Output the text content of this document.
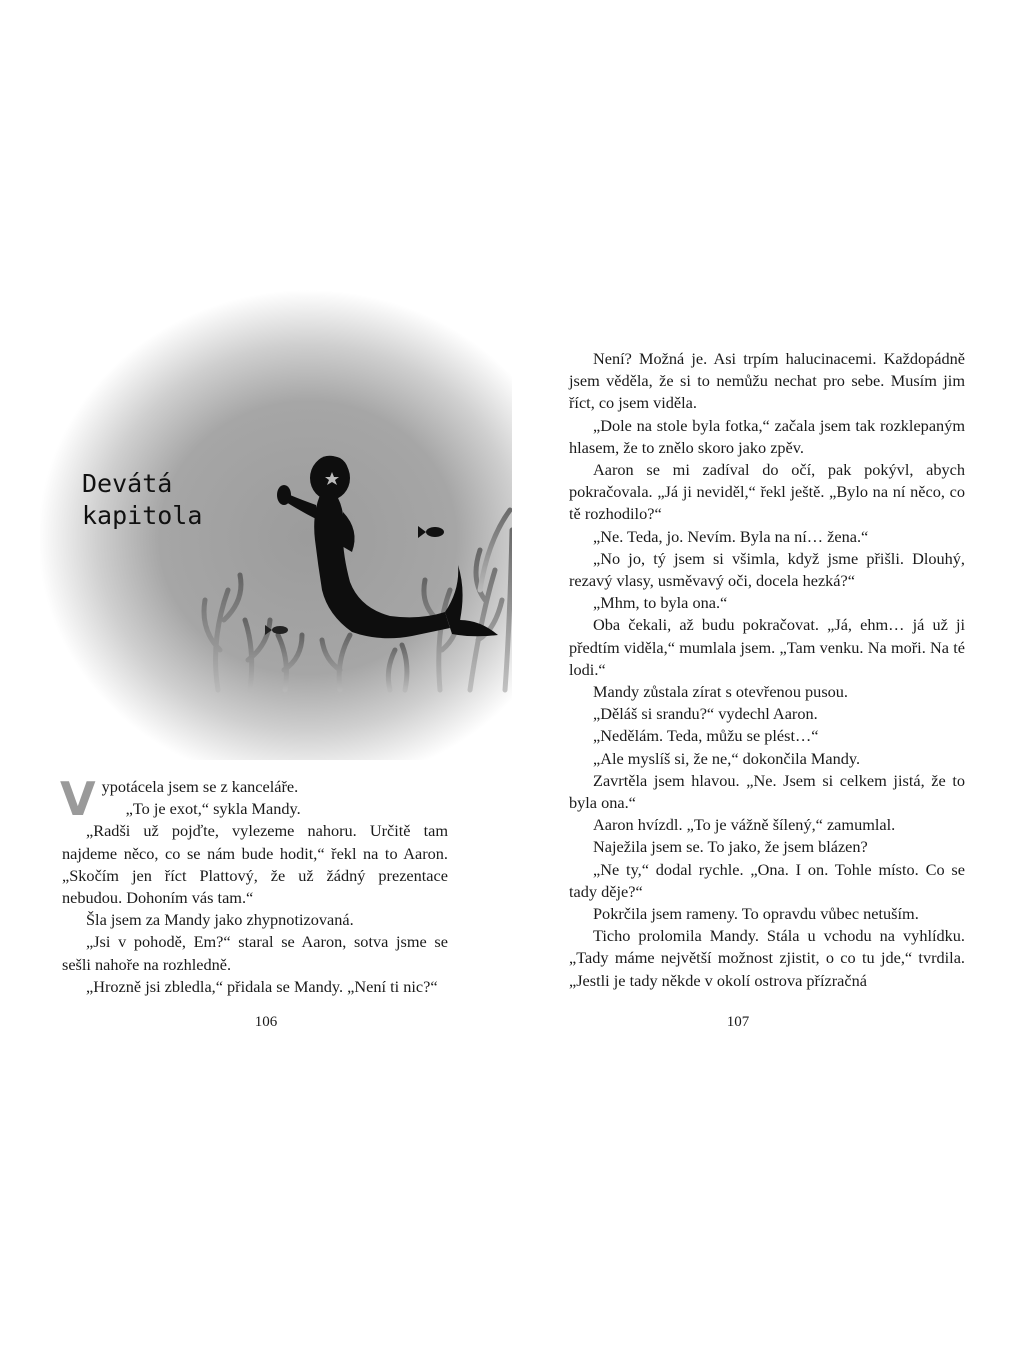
Devátá
kapitola

Vypotácela jsem se z kanceláře.

„To je exot,“ sykla Mandy.

„Radši už pojďte, vylezeme nahoru. Určitě tam najdeme něco, co se nám bude hodit,“ řekl na to Aaron. „Skočím jen říct Plattový, že už žádný prezentace nebudou. Dohoním vás tam.“

Šla jsem za Mandy jako zhypnotizovaná.

„Jsi v pohodě, Em?“ staral se Aaron, sotva jsme se sešli nahoře na rozhledně.

„Hrozně jsi zbledla,“ přidala se Mandy. „Není ti nic?“

106

Není? Možná je. Asi trpím halucinacemi. Každopádně jsem věděla, že si to nemůžu nechat pro sebe. Musím jim říct, co jsem viděla.

„Dole na stole byla fotka,“ začala jsem tak rozklepaným hlasem, že to znělo skoro jako zpěv.

Aaron se mi zadíval do očí, pak pokývl, abych pokračovala. „Já ji neviděl,“ řekl ještě. „Bylo na ní něco, co tě rozhodilo?“

„Ne. Teda, jo. Nevím. Byla na ní… žena.“

„No jo, tý jsem si všimla, když jsme přišli. Dlouhý, rezavý vlasy, usměvavý oči, docela hezká?“

„Mhm, to byla ona.“

Oba čekali, až budu pokračovat. „Já, ehm… já už ji předtím viděla,“ mumlala jsem. „Tam venku. Na moři. Na té lodi.“

Mandy zůstala zírat s otevřenou pusou.

„Děláš si srandu?“ vydechl Aaron.

„Nedělám. Teda, můžu se plést…“

„Ale myslíš si, že ne,“ dokončila Mandy.

Zavrtěla jsem hlavou. „Ne. Jsem si celkem jistá, že to byla ona.“

Aaron hvízdl. „To je vážně šílený,“ zamumlal.

Naježila jsem se. To jako, že jsem blázen?

„Ne ty,“ dodal rychle. „Ona. I on. Tohle místo. Co se tady děje?“

Pokrčila jsem rameny. To opravdu vůbec netuším.

Ticho prolomila Mandy. Stála u vchodu na vyhlídku. „Tady máme největší možnost zjistit, o co tu jde,“ tvrdila. „Jestli je tady někde v okolí ostrova přízračná

107
